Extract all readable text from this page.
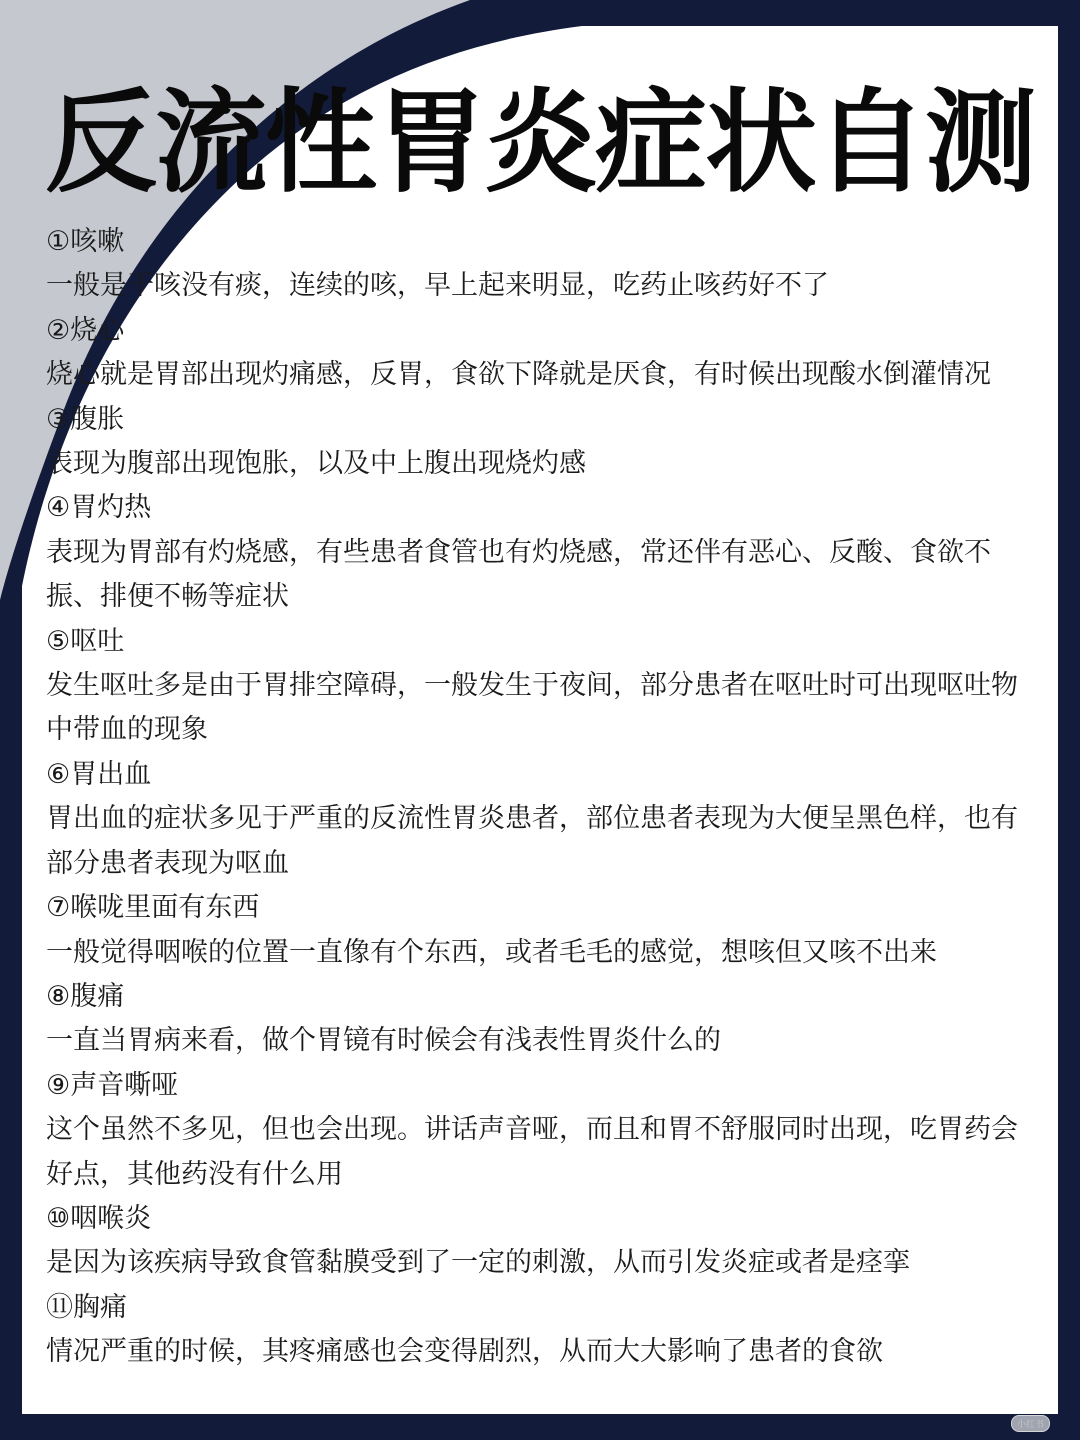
反流性胃炎症状自测
①咳嗽
一般是干咳没有痰，连续的咳，早上起来明显，吃药止咳药好不了
②烧心
烧心就是胃部出现灼痛感，反胃，食欲下降就是厌食，有时候出现酸水倒灌情况
③腹胀
表现为腹部出现饱胀，以及中上腹出现烧灼感
④胃灼热
表现为胃部有灼烧感，有些患者食管也有灼烧感，常还伴有恶心、反酸、食欲不振、排便不畅等症状
⑤呕吐
发生呕吐多是由于胃排空障碍，一般发生于夜间，部分患者在呕吐时可出现呕吐物中带血的现象
⑥胃出血
胃出血的症状多见于严重的反流性胃炎患者，部位患者表现为大便呈黑色样，也有部分患者表现为呕血
⑦喉咙里面有东西
一般觉得咽喉的位置一直像有个东西，或者毛毛的感觉，想咳但又咳不出来
⑧腹痛
一直当胃病来看，做个胃镜有时候会有浅表性胃炎什么的
⑨声音嘶哑
这个虽然不多见，但也会出现。讲话声音哑，而且和胃不舒服同时出现，吃胃药会好点，其他药没有什么用
⑩咽喉炎
是因为该疾病导致食管黏膜受到了一定的刺激，从而引发炎症或者是痉挛
⑪胸痛
情况严重的时候，其疼痛感也会变得剧烈，从而大大影响了患者的食欲
小红书
